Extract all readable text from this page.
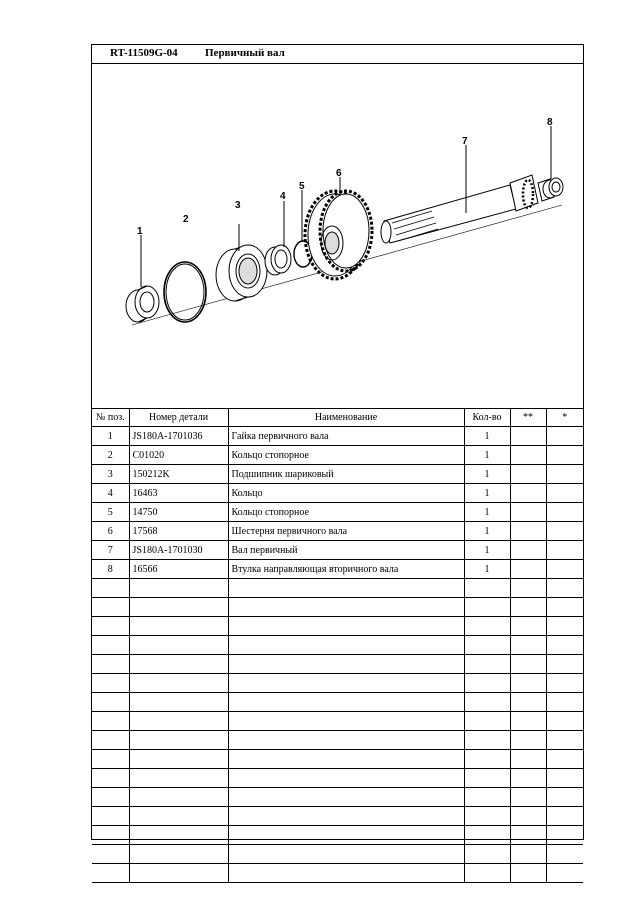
RT-11509G-04 Первичный вал
1
2
3
4
5
6
7
8
№ поз.	Номер детали	Наименование	Кол-во	**	*
1	JS180A-1701036	Гайка первичного вала	1		
2	C01020	Кольцо стопорное	1		
3	150212K	Подшипник шариковый	1		
4	16463	Кольцо	1		
5	14750	Кольцо стопорное	1		
6	17568	Шестерня первичного вала	1		
7	JS180A-1701030	Вал первичный	1		
8	16566	Втулка направляющая вторичного вала	1		
